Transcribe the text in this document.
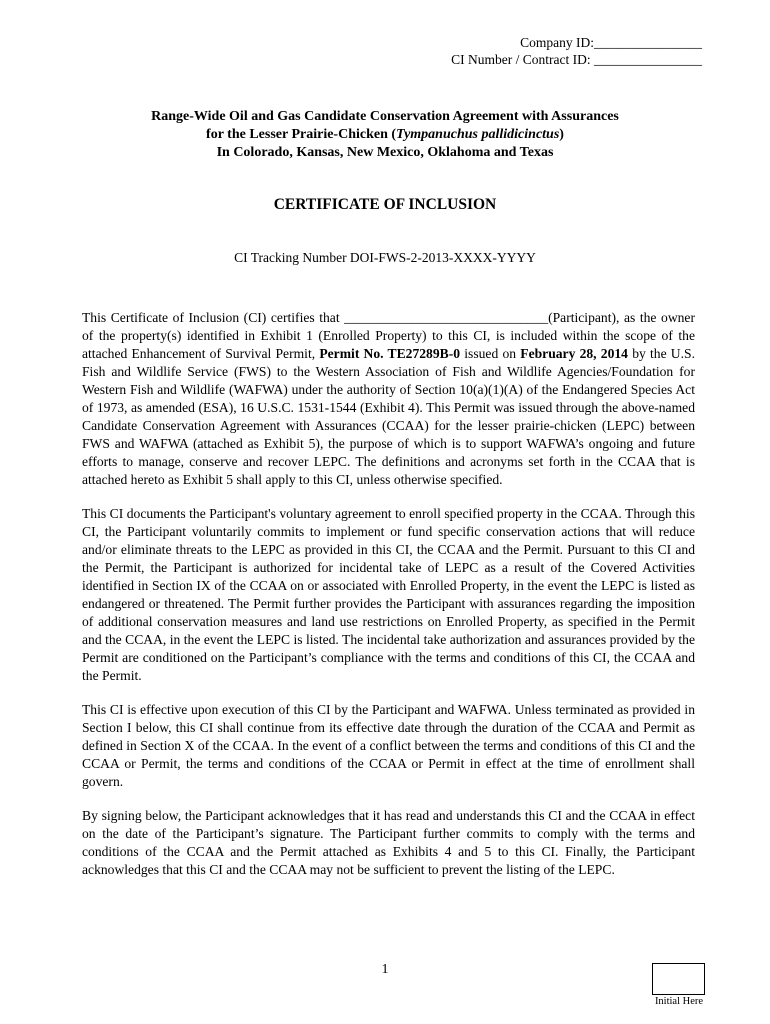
Company ID:________________
CI Number / Contract ID: ________________
Range-Wide Oil and Gas Candidate Conservation Agreement with Assurances
for the Lesser Prairie-Chicken (Tympanuchus pallidicinctus)
In Colorado, Kansas, New Mexico, Oklahoma and Texas
CERTIFICATE OF INCLUSION
CI Tracking Number DOI-FWS-2-2013-XXXX-YYYY

This Certificate of Inclusion (CI) certifies that ______________________________(Participant), as the owner of the property(s) identified in Exhibit 1 (Enrolled Property) to this CI, is included within the scope of the attached Enhancement of Survival Permit, Permit No. TE27289B-0 issued on February 28, 2014 by the U.S. Fish and Wildlife Service (FWS) to the Western Association of Fish and Wildlife Agencies/Foundation for Western Fish and Wildlife (WAFWA) under the authority of Section 10(a)(1)(A) of the Endangered Species Act of 1973, as amended (ESA), 16 U.S.C. 1531-1544 (Exhibit 4). This Permit was issued through the above-named Candidate Conservation Agreement with Assurances (CCAA) for the lesser prairie-chicken (LEPC) between FWS and WAFWA (attached as Exhibit 5), the purpose of which is to support WAFWA’s ongoing and future efforts to manage, conserve and recover LEPC. The definitions and acronyms set forth in the CCAA that is attached hereto as Exhibit 5 shall apply to this CI, unless otherwise specified.

This CI documents the Participant's voluntary agreement to enroll specified property in the CCAA. Through this CI, the Participant voluntarily commits to implement or fund specific conservation actions that will reduce and/or eliminate threats to the LEPC as provided in this CI, the CCAA and the Permit. Pursuant to this CI and the Permit, the Participant is authorized for incidental take of LEPC as a result of the Covered Activities identified in Section IX of the CCAA on or associated with Enrolled Property, in the event the LEPC is listed as endangered or threatened. The Permit further provides the Participant with assurances regarding the imposition of additional conservation measures and land use restrictions on Enrolled Property, as specified in the Permit and the CCAA, in the event the LEPC is listed. The incidental take authorization and assurances provided by the Permit are conditioned on the Participant’s compliance with the terms and conditions of this CI, the CCAA and the Permit.

This CI is effective upon execution of this CI by the Participant and WAFWA. Unless terminated as provided in Section I below, this CI shall continue from its effective date through the duration of the CCAA and Permit as defined in Section X of the CCAA. In the event of a conflict between the terms and conditions of this CI and the CCAA or Permit, the terms and conditions of the CCAA or Permit in effect at the time of enrollment shall govern.

By signing below, the Participant acknowledges that it has read and understands this CI and the CCAA in effect on the date of the Participant’s signature. The Participant further commits to comply with the terms and conditions of the CCAA and the Permit attached as Exhibits 4 and 5 to this CI. Finally, the Participant acknowledges that this CI and the CCAA may not be sufficient to prevent the listing of the LEPC.

1
Initial Here
